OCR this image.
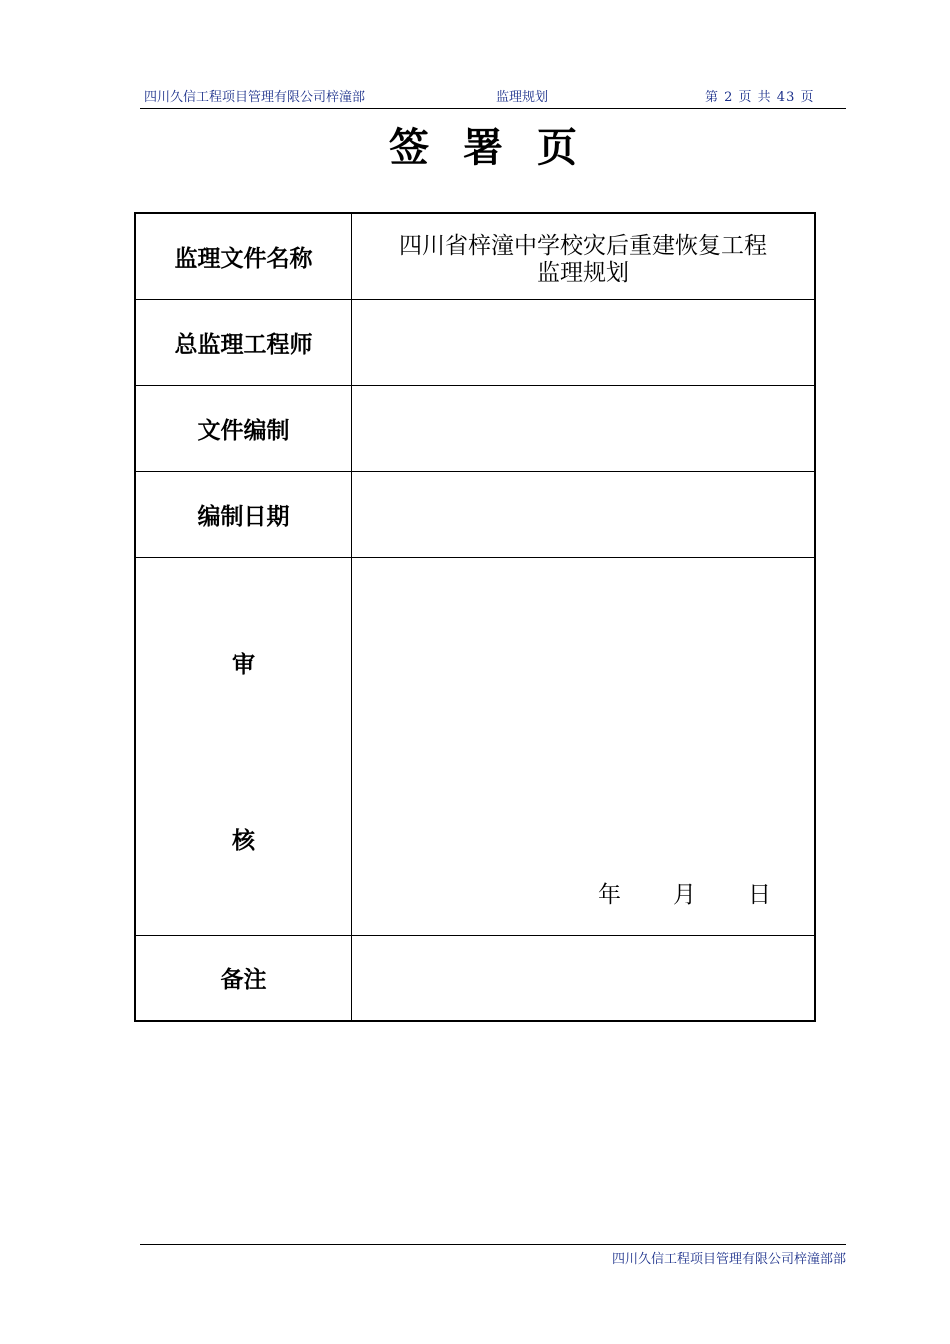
四川久信工程项目管理有限公司梓潼部	监理规划	第 2 页 共 43 页
签署页
监理文件名称	四川省梓潼中学校灾后重建恢复工程
监理规划

总监理工程师	
文件编制	
编制日期	

审
核	年 月 日

备注	
四川久信工程项目管理有限公司梓潼部部
